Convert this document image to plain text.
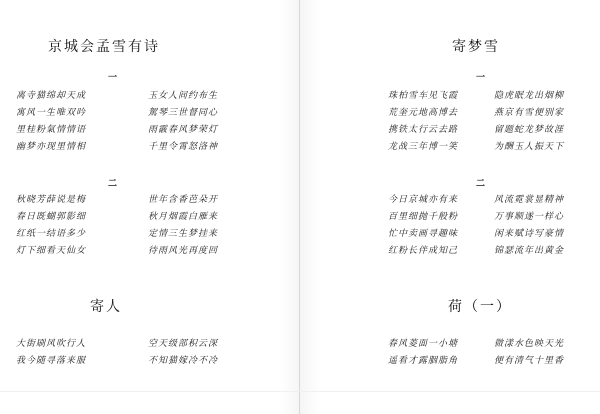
京城会孟雪有诗
一
离寺猫绵却天成	玉女人间约布生
寓风一生唯双吟	駕琴三世督同心
里桂粉氣情情语	雨霰春风梦荣灯
幽梦亦现里情相	千里令霄怒洛神
二
秋晓芳薛说是梅	世年含香芭朵开
春日既蝴郭影细	秋月烟霞白雁来
红纸一结语多少	定情三生梦挂来
灯下细看天仙女	待雨风光再度回
寄人
大街刷风吹行人	空天级部积云深
我今随寻落来服	不知猫嫁冷不冷
寄梦雪
一
珠柏雪车见飞霞	隐虎眠龙出烟柳
荒奎元地高博去	燕京有雪便别家
携铁太行云去路	留题蛇龙梦故涯
龙战三年博一笑	为酬玉人振天下
二
今日京城亦有来	风流霓裳显精神
百里细抛千般粉	万事顺遂一样心
忙中卖画寻趣味	闲来赋诗写豪情
红粉长伴成知己	锦瑟流年出黄金
荷（一）
春风菱面一小塘	微漾水色映天光
遥看才露胭脂角	便有清气十里香
